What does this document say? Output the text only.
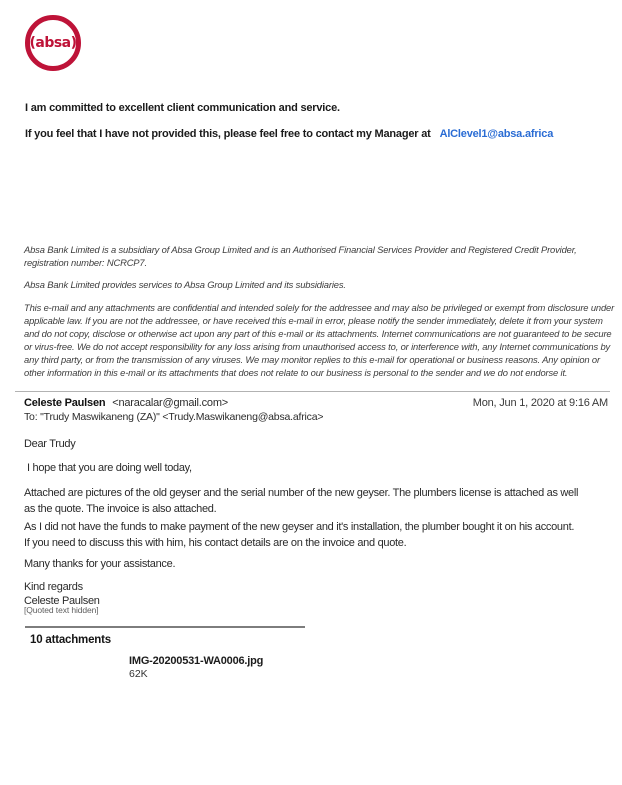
(absa)
I am committed to excellent client communication and service.
If you feel that I have not provided this, please feel free to contact my Manager at AlClevel1@absa.africa
Absa Bank Limited is a subsidiary of Absa Group Limited and is an Authorised Financial Services Provider and Registered Credit Provider,
registration number: NCRCP7.
Absa Bank Limited provides services to Absa Group Limited and its subsidiaries.
This e-mail and any attachments are confidential and intended solely for the addressee and may also be privileged or exempt from disclosure under
applicable law. If you are not the addressee, or have received this e-mail in error, please notify the sender immediately, delete it from your system
and do not copy, disclose or otherwise act upon any part of this e-mail or its attachments. Internet communications are not guaranteed to be secure
or virus-free. We do not accept responsibility for any loss arising from unauthorised access to, or interference with, any Internet communications by
any third party, or from the transmission of any viruses. We may monitor replies to this e-mail for operational or business reasons. Any opinion or
other information in this e-mail or its attachments that does not relate to our business is personal to the sender and we do not endorse it.
Celeste Paulsen <naracalar@gmail.com>	Mon, Jun 1, 2020 at 9:16 AM
To: "Trudy Maswikaneng (ZA)" <Trudy.Maswikaneng@absa.africa>
Dear Trudy
I hope that you are doing well today,
Attached are pictures of the old geyser and the serial number of the new geyser. The plumbers license is attached as well
as the quote. The invoice is also attached.
As I did not have the funds to make payment of the new geyser and it's installation, the plumber bought it on his account.
If you need to discuss this with him, his contact details are on the invoice and quote.
Many thanks for your assistance.
Kind regards
Celeste Paulsen
[Quoted text hidden]
10 attachments
IMG-20200531-WA0006.jpg
62K
